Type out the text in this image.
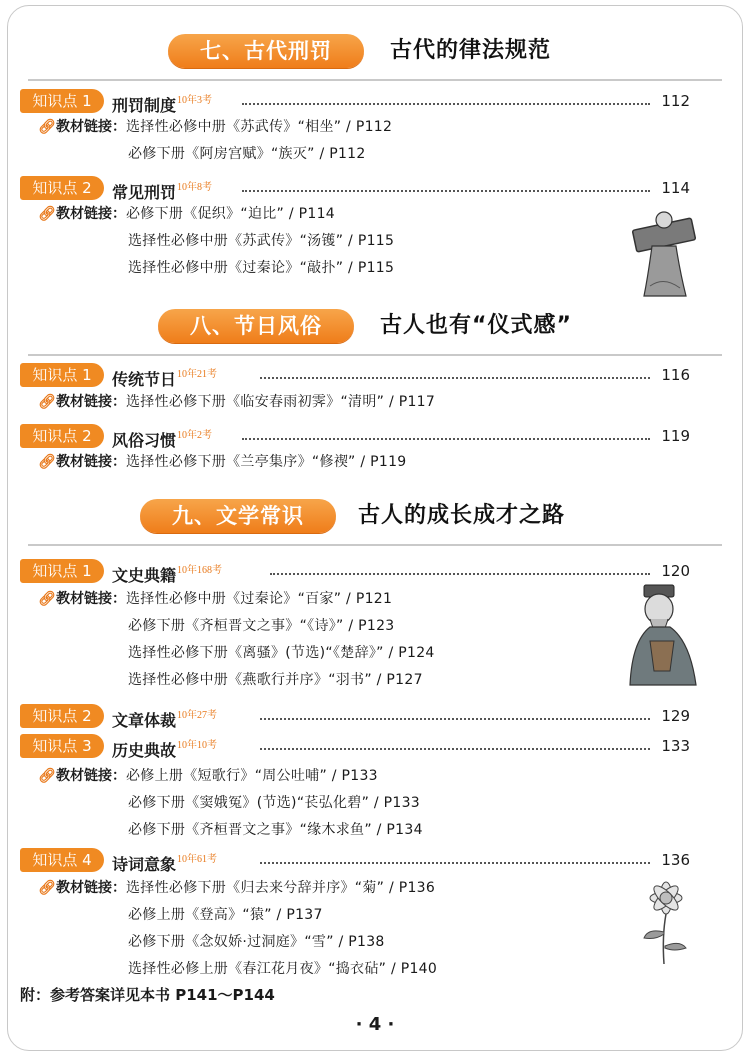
七、古代刑罚	古代的律法规范
知识点 1	刑罚制度$^{10年3考}$	112
🔗︎教材链接：选择性必修中册《苏武传》“相坐” / P112
必修下册《阿房宫赋》“族灭” / P112
知识点 2	常见刑罚$^{10年8考}$	114
🔗︎教材链接：必修下册《促织》“迫比” / P114
选择性必修中册《苏武传》“汤镬” / P115
选择性必修中册《过秦论》“敲扑” / P115
八、节日风俗	古人也有“仪式感”
知识点 1	传统节日$^{10年21考}$	116
🔗︎教材链接：选择性必修下册《临安春雨初霁》“清明” / P117
知识点 2	风俗习惯$^{10年2考}$	119
🔗︎教材链接：选择性必修下册《兰亭集序》“修禊” / P119
九、文学常识	古人的成长成才之路
知识点 1	文史典籍$^{10年168考}$	120
🔗︎教材链接：选择性必修中册《过秦论》“百家” / P121
必修下册《齐桓晋文之事》“《诗》” / P123
选择性必修下册《离骚》(节选)“《楚辞》” / P124
选择性必修中册《燕歌行并序》“羽书” / P127
知识点 2	文章体裁$^{10年27考}$	129
知识点 3	历史典故$^{10年10考}$	133
🔗︎教材链接：必修上册《短歌行》“周公吐哺” / P133
必修下册《窦娥冤》(节选)“苌弘化碧” / P133
必修下册《齐桓晋文之事》“缘木求鱼” / P134
知识点 4	诗词意象$^{10年61考}$	136
🔗︎教材链接：选择性必修下册《归去来兮辞并序》“菊” / P136
必修上册《登高》“猿” / P137
必修下册《念奴娇·过洞庭》“雪” / P138
选择性必修上册《春江花月夜》“捣衣砧” / P140
附：参考答案详见本书 P141～P144
· 4 ·
